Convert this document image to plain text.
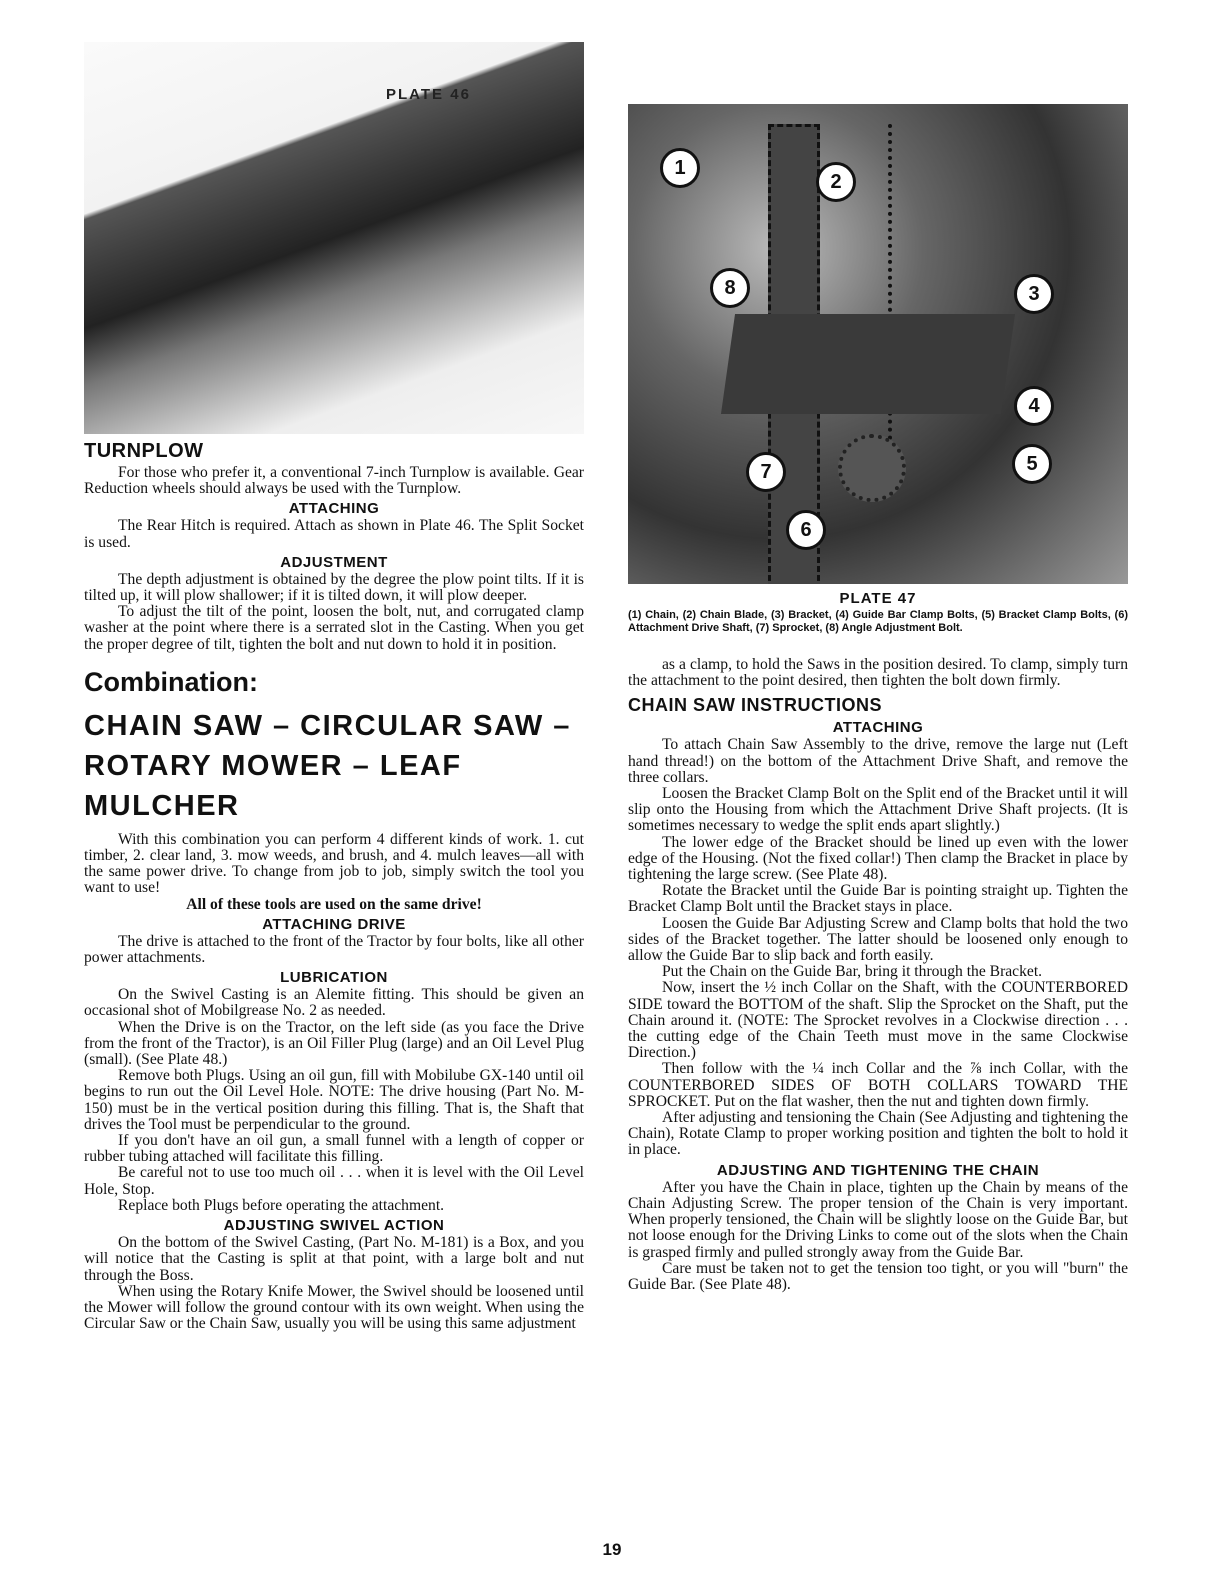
PLATE 46
TURNPLOW

For those who prefer it, a conventional 7-inch Turnplow is available. Gear Reduction wheels should always be used with the Turnplow.

ATTACHING

The Rear Hitch is required. Attach as shown in Plate 46. The Split Socket is used.

ADJUSTMENT

The depth adjustment is obtained by the degree the plow point tilts. If it is tilted up, it will plow shallower; if it is tilted down, it will plow deeper.

To adjust the tilt of the point, loosen the bolt, nut, and corrugated clamp washer at the point where there is a serrated slot in the Casting. When you get the proper degree of tilt, tighten the bolt and nut down to hold it in position.

Combination:
CHAIN SAW – CIRCULAR SAW –
ROTARY MOWER – LEAF MULCHER

With this combination you can perform 4 different kinds of work. 1. cut timber, 2. clear land, 3. mow weeds, and brush, and 4. mulch leaves—all with the same power drive. To change from job to job, simply switch the tool you want to use!

All of these tools are used on the same drive!

ATTACHING DRIVE

The drive is attached to the front of the Tractor by four bolts, like all other power attachments.

LUBRICATION

On the Swivel Casting is an Alemite fitting. This should be given an occasional shot of Mobilgrease No. 2 as needed.

When the Drive is on the Tractor, on the left side (as you face the Drive from the front of the Tractor), is an Oil Filler Plug (large) and an Oil Level Plug (small). (See Plate 48.)

Remove both Plugs. Using an oil gun, fill with Mobilube GX-140 until oil begins to run out the Oil Level Hole. NOTE: The drive housing (Part No. M-150) must be in the vertical position during this filling. That is, the Shaft that drives the Tool must be perpendicular to the ground.

If you don't have an oil gun, a small funnel with a length of copper or rubber tubing attached will facilitate this filling.

Be careful not to use too much oil . . . when it is level with the Oil Level Hole, Stop.

Replace both Plugs before operating the attachment.

ADJUSTING SWIVEL ACTION

On the bottom of the Swivel Casting, (Part No. M-181) is a Box, and you will notice that the Casting is split at that point, with a large bolt and nut through the Boss.

When using the Rotary Knife Mower, the Swivel should be loosened until the Mower will follow the ground contour with its own weight. When using the Circular Saw or the Chain Saw, usually you will be using this same adjustment

1
2
3
4
5
6
7
8
PLATE 47
(1) Chain, (2) Chain Blade, (3) Bracket, (4) Guide Bar Clamp Bolts, (5) Bracket Clamp Bolts, (6) Attachment Drive Shaft, (7) Sprocket, (8) Angle Adjustment Bolt.

as a clamp, to hold the Saws in the position desired. To clamp, simply turn the attachment to the point desired, then tighten the bolt down firmly.

CHAIN SAW INSTRUCTIONS
ATTACHING

To attach Chain Saw Assembly to the drive, remove the large nut (Left hand thread!) on the bottom of the Attachment Drive Shaft, and remove the three collars.

Loosen the Bracket Clamp Bolt on the Split end of the Bracket until it will slip onto the Housing from which the Attachment Drive Shaft projects. (It is sometimes necessary to wedge the split ends apart slightly.)

The lower edge of the Bracket should be lined up even with the lower edge of the Housing. (Not the fixed collar!) Then clamp the Bracket in place by tightening the large screw. (See Plate 48).

Rotate the Bracket until the Guide Bar is pointing straight up. Tighten the Bracket Clamp Bolt until the Bracket stays in place.

Loosen the Guide Bar Adjusting Screw and Clamp bolts that hold the two sides of the Bracket together. The latter should be loosened only enough to allow the Guide Bar to slip back and forth easily.

Put the Chain on the Guide Bar, bring it through the Bracket.

Now, insert the ½ inch Collar on the Shaft, with the COUNTERBORED SIDE toward the BOTTOM of the shaft. Slip the Sprocket on the Shaft, put the Chain around it. (NOTE: The Sprocket revolves in a Clockwise direction . . . the cutting edge of the Chain Teeth must move in the same Clockwise Direction.)

Then follow with the ¼ inch Collar and the ⅞ inch Collar, with the COUNTERBORED SIDES OF BOTH COLLARS TOWARD THE SPROCKET. Put on the flat washer, then the nut and tighten down firmly.

After adjusting and tensioning the Chain (See Adjusting and tightening the Chain), Rotate Clamp to proper working position and tighten the bolt to hold it in place.

ADJUSTING AND TIGHTENING THE CHAIN

After you have the Chain in place, tighten up the Chain by means of the Chain Adjusting Screw. The proper tension of the Chain is very important. When properly tensioned, the Chain will be slightly loose on the Guide Bar, but not loose enough for the Driving Links to come out of the slots when the Chain is grasped firmly and pulled strongly away from the Guide Bar.

Care must be taken not to get the tension too tight, or you will "burn" the Guide Bar. (See Plate 48).

19
